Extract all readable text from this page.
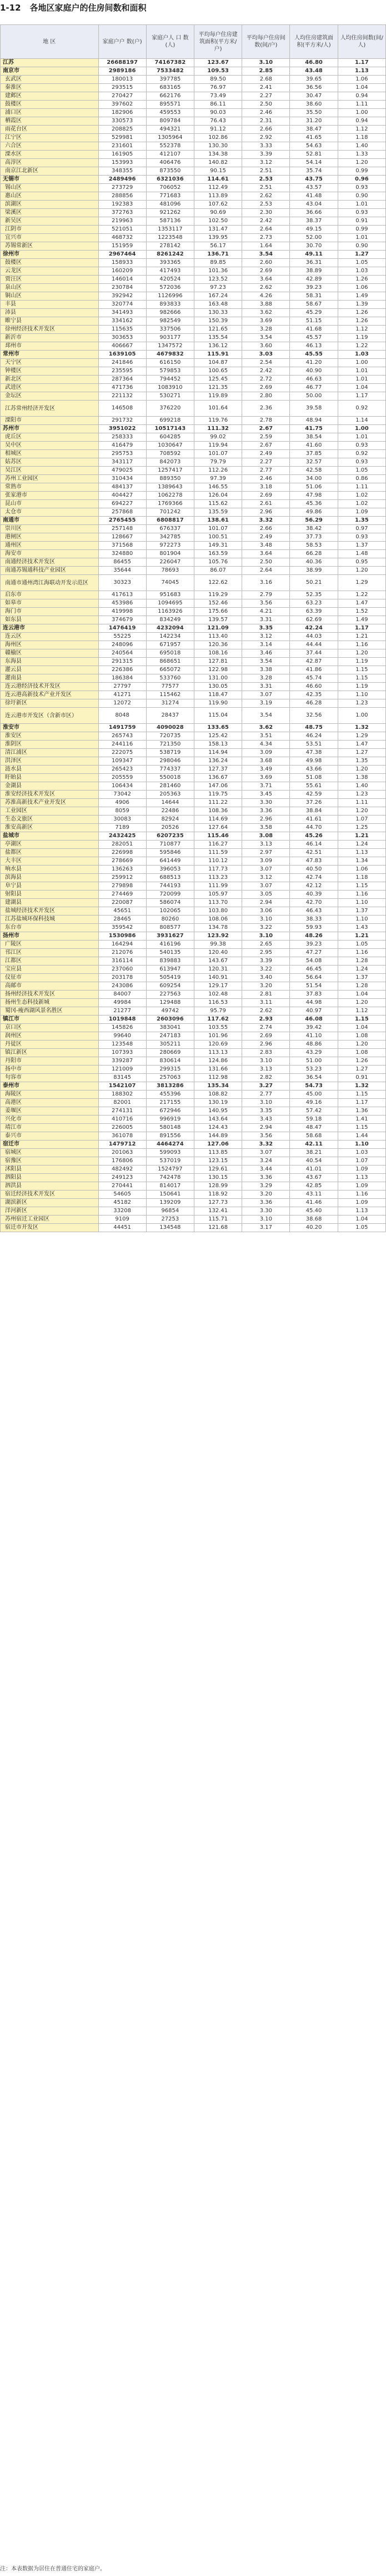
1-12 各地区家庭户的住房间数和面积
地 区	家庭户户 数(户)	家庭户人 口 数(人)	平均每户住房建筑面积(平方米/户)	平均每户住房间数(间/户)	人均住房建筑面积(平方米/人)	人均住房间数(间/人)
江苏	26688197	74167382	123.67	3.10	46.80	1.17
南京市	2989186	7533482	109.53	2.85	43.48	1.13
玄武区	180013	397785	89.50	2.68	39.65	1.06
秦淮区	293515	683165	76.97	2.41	36.56	1.04
建邺区	270427	662176	73.49	2.27	30.47	0.94
鼓楼区	397602	895571	86.11	2.50	38.60	1.11
浦口区	182906	459553	90.03	2.46	35.50	1.00
栖霞区	330573	809784	76.43	2.31	31.20	0.94
雨花台区	208825	494321	91.12	2.66	38.47	1.12
江宁区	529981	1305964	102.86	2.92	41.65	1.18
六合区	231601	552378	130.30	3.33	54.63	1.40
溧水区	161905	412107	134.38	3.39	52.81	1.33
高淳区	153993	406476	140.82	3.12	54.14	1.20
南京江北新区	348355	873550	90.15	2.51	35.74	0.99
无锡市	2489496	6321036	114.61	2.53	43.75	0.96
锡山区	273729	706052	112.49	2.51	43.57	0.93
惠山区	288856	771683	113.89	2.62	41.48	0.90
滨湖区	192383	481096	107.62	2.53	43.04	1.01
梁溪区	372763	921262	90.69	2.30	36.66	0.93
新吴区	219963	587136	102.50	2.42	38.37	0.91
江阴市	521051	1353117	131.47	2.64	49.15	0.99
宜兴市	468732	1223548	139.95	2.73	52.00	1.01
苏锡常新区	151959	278142	56.17	1.64	30.70	0.90
徐州市	2967464	8261242	136.71	3.54	49.11	1.27
鼓楼区	158933	393365	89.85	2.60	36.31	1.05
云龙区	160209	417493	101.36	2.69	38.89	1.03
贾汪区	146014	420524	123.52	3.64	42.89	1.26
泉山区	230784	572036	97.23	2.62	39.23	1.06
铜山区	392942	1126996	167.24	4.26	58.31	1.49
丰县	320774	893833	163.48	3.88	58.67	1.39
沛县	341493	982666	130.33	3.62	45.29	1.26
睢宁县	334162	982549	150.39	3.69	51.15	1.26
徐州经济技术开发区	115635	337506	121.65	3.28	41.68	1.12
新沂市	303653	903177	135.54	3.54	45.57	1.19
邳州市	406667	1347572	136.12	3.60	46.13	1.22
常州市	1639105	4679832	115.91	3.03	45.55	1.03
天宁区	241846	616150	104.87	2.54	41.20	1.00
钟楼区	235595	579853	100.65	2.42	40.90	1.01
新北区	287364	794452	125.45	2.72	46.63	1.01
武进区	471736	1083910	121.35	2.69	46.77	1.04
金坛区	221132	530271	119.89	2.80	50.00	1.17
江苏常州经济开发区	146508	376220	101.64	2.36	39.58	0.92
溧阳市	291732	699218	119.76	2.78	48.94	1.14
苏州市	3951022	10517143	111.32	2.67	41.75	1.00
虎丘区	258333	604285	99.02	2.59	38.54	1.01
吴中区	416479	1030647	119.94	2.67	41.60	0.93
相城区	295753	708592	101.07	2.49	37.85	0.92
姑苏区	343117	842073	79.79	2.27	32.57	0.93
吴江区	479025	1257417	112.26	2.77	42.58	1.05
苏州工业园区	310434	889350	97.39	2.46	34.00	0.86
常熟市	484137	1389643	146.55	3.18	51.06	1.11
张家港市	404427	1062278	126.04	2.69	47.98	1.02
昆山市	694227	1769366	115.62	2.61	45.36	1.02
太仓市	257868	701242	135.59	2.96	49.86	1.09
南通市	2765455	6808817	138.61	3.32	56.29	1.35
崇川区	257148	676337	101.07	2.66	38.42	0.97
港闸区	128667	342785	100.51	2.49	37.73	0.93
通州区	371568	972273	149.31	3.48	58.53	1.37
海安市	324880	801904	163.59	3.64	66.28	1.48
南通经济技术开发区	86455	226047	105.76	2.50	40.36	0.95
南通苏锡通科技产业园区	35644	78693	86.07	2.64	38.99	1.20
南通市通州湾江海联动开发示范区	30323	74045	122.62	3.16	50.21	1.29
启东市	417613	951683	119.29	2.79	52.35	1.22
如皋市	453986	1094695	152.46	3.56	63.23	1.47
海门市	419998	1163926	175.66	4.21	63.39	1.52
如东县	374679	834249	139.57	3.31	62.69	1.49
连云港市	1476419	4232094	121.09	3.35	42.24	1.17
连云区	55225	142234	113.40	3.12	44.03	1.21
海州区	248096	671957	120.36	3.14	44.44	1.16
赣榆区	240564	695018	108.16	3.46	37.44	1.20
东海县	291315	868651	127.81	3.54	42.87	1.19
灌云县	226386	665072	122.98	3.38	41.86	1.15
灌南县	186384	533760	131.00	3.28	45.74	1.15
连云港经济技术开发区	27797	77577	130.05	3.31	46.60	1.19
连云港高新技术产业开发区	41271	115462	118.47	3.07	42.35	1.10
徐圩新区	12072	31274	119.90	3.19	46.28	1.23
连云港市开发区（含新市区）	8048	28437	115.04	3.54	32.56	1.00
淮安市	1491759	4090028	133.65	3.62	48.75	1.32
淮安区	265743	720735	125.42	3.51	46.24	1.29
淮阴区	244116	721350	158.13	4.34	53.51	1.47
清江浦区	222075	538719	114.94	3.09	47.38	1.27
洪泽区	109347	298046	136.24	3.68	49.98	1.35
涟水县	265423	774337	127.37	3.49	43.66	1.20
盱眙县	205559	550018	136.67	3.69	51.08	1.38
金湖县	106434	281460	147.06	3.71	55.61	1.40
淮安经济技术开发区	73042	205363	119.75	3.45	42.59	1.23
苏淮高新技术产业开发区	4906	14644	111.22	3.30	37.26	1.11
工业园区	8059	22486	108.36	3.36	38.84	1.20
生态文旅区	30083	82924	114.69	2.96	41.61	1.07
淮安高新区	7189	20526	127.64	3.58	44.70	1.25
盐城市	2432425	6207235	115.46	3.08	45.26	1.21
亭湖区	282051	710877	116.27	3.13	46.14	1.24
盐都区	226998	595846	111.59	2.97	42.51	1.13
大丰区	278669	641449	110.12	3.09	47.83	1.34
响水县	136263	396053	117.73	3.07	40.50	1.06
滨海县	259912	688513	113.23	3.12	42.74	1.18
阜宁县	279898	744193	111.99	3.07	42.12	1.15
射阳县	274469	720099	105.97	3.05	40.39	1.16
建湖县	220087	586074	113.70	2.94	42.70	1.10
盐城经济技术开发区	45651	102065	103.80	3.06	46.43	1.37
江苏盐城环保科技城	28465	80260	108.06	3.10	38.33	1.10
东台市	359542	808577	134.78	3.22	59.93	1.43
扬州市	1530986	3931627	123.92	3.10	48.26	1.21
广陵区	164294	416196	99.38	2.65	39.23	1.05
邗江区	212076	540135	120.40	2.95	47.27	1.16
江都区	316114	839883	143.67	3.39	54.08	1.28
宝应县	237060	613947	120.31	3.22	46.45	1.24
仪征市	203178	505419	140.91	3.40	56.64	1.37
高邮市	243086	609254	129.17	3.20	51.54	1.28
扬州经济技术开发区	84007	227563	102.48	2.81	37.83	1.04
扬州生态科技新城	49984	129488	116.53	3.11	44.98	1.20
蜀冈-瘦西湖风景名胜区	21277	49742	95.79	2.62	40.97	1.12
镇江市	1019848	2603096	117.62	2.93	46.08	1.15
京口区	145826	383041	103.55	2.74	39.42	1.04
润州区	99640	247183	101.96	2.69	41.10	1.08
丹徒区	123548	305211	120.69	2.96	48.86	1.20
镇江新区	107393	280669	113.13	2.83	43.29	1.08
丹阳市	339287	830614	124.86	3.10	51.00	1.26
扬中市	121009	299315	131.66	3.13	53.23	1.27
句容市	83145	257063	112.98	2.82	36.54	0.91
泰州市	1542107	3813286	135.34	3.27	54.73	1.32
海陵区	188302	455396	108.82	2.77	45.00	1.15
高港区	82001	217155	130.19	3.10	49.16	1.17
姜堰区	274131	672946	140.95	3.35	57.42	1.36
兴化市	410716	996919	143.64	3.43	59.18	1.41
靖江市	226005	580148	124.43	2.94	48.47	1.15
泰兴市	361078	891556	144.89	3.56	58.68	1.44
宿迁市	1479712	4464274	127.06	3.32	42.11	1.10
宿城区	201063	599093	113.85	3.07	38.21	1.03
宿豫区	176806	537019	123.15	3.24	40.54	1.07
沭阳县	482492	1524797	129.61	3.44	41.01	1.09
泗阳县	249123	742478	130.15	3.36	43.67	1.13
泗洪县	270441	814017	128.99	3.29	42.85	1.09
宿迁经济技术开发区	54605	150641	118.92	3.20	43.11	1.16
湖滨新区	45182	139209	127.73	3.36	41.46	1.09
洋河新区	33208	96854	132.41	3.30	45.40	1.13
苏州宿迁工业园区	9109	27253	115.71	3.10	38.68	1.04
宿迁市开发区	44451	134548	121.68	3.17	40.20	1.05
注：本表数据为居住在普通住宅的家庭户。
